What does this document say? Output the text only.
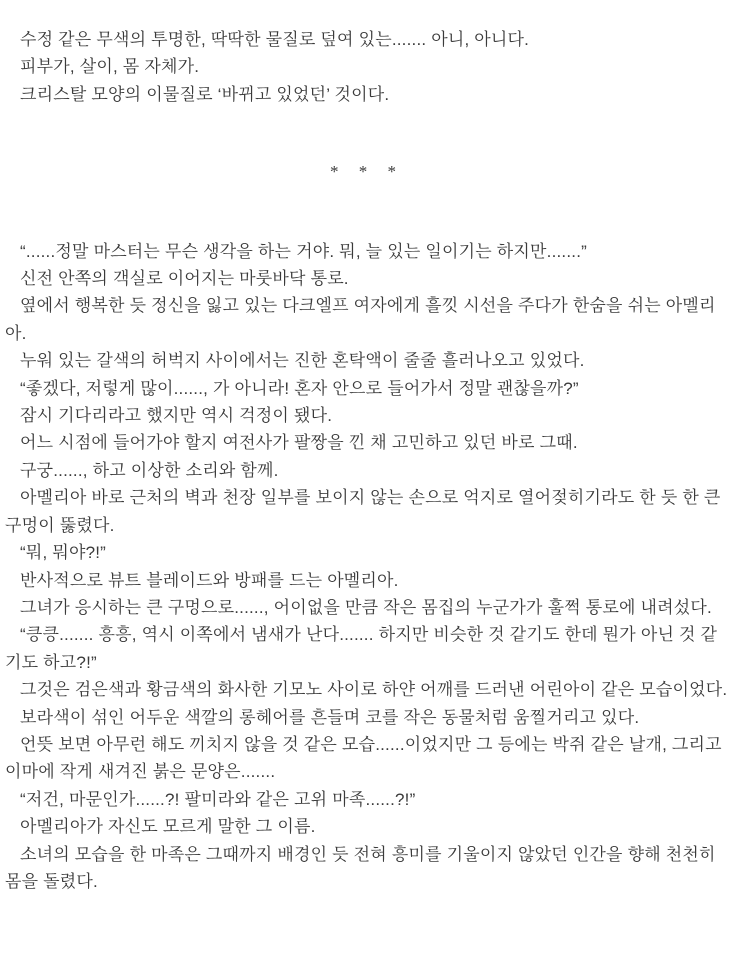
수정 같은 무색의 투명한, 딱딱한 물질로 덮여 있는....... 아니, 아니다.

피부가, 살이, 몸 자체가.

크리스탈 모양의 이물질로 ‘바뀌고 있었던’ 것이다.

* * *

“......정말 마스터는 무슨 생각을 하는 거야. 뭐, 늘 있는 일이기는 하지만.......”

신전 안쪽의 객실로 이어지는 마룻바닥 통로.

옆에서 행복한 듯 정신을 잃고 있는 다크엘프 여자에게 흘낏 시선을 주다가 한숨을 쉬는 아멜리아.

누워 있는 갈색의 허벅지 사이에서는 진한 혼탁액이 줄줄 흘러나오고 있었다.

“좋겠다, 저렇게 많이......, 가 아니라! 혼자 안으로 들어가서 정말 괜찮을까?”

잠시 기다리라고 했지만 역시 걱정이 됐다.

어느 시점에 들어가야 할지 여전사가 팔짱을 낀 채 고민하고 있던 바로 그때.

구궁......, 하고 이상한 소리와 함께.

아멜리아 바로 근처의 벽과 천장 일부를 보이지 않는 손으로 억지로 열어젖히기라도 한 듯 한 큰 구멍이 뚫렸다.

“뭐, 뭐야?!”

반사적으로 뷰트 블레이드와 방패를 드는 아멜리아.

그녀가 응시하는 큰 구멍으로......, 어이없을 만큼 작은 몸집의 누군가가 훌쩍 통로에 내려섰다.

“킁킁....... 흥흥, 역시 이쪽에서 냄새가 난다....... 하지만 비슷한 것 같기도 한데 뭔가 아닌 것 같기도 하고?!”

그것은 검은색과 황금색의 화사한 기모노 사이로 하얀 어깨를 드러낸 어린아이 같은 모습이었다.

보라색이 섞인 어두운 색깔의 롱헤어를 흔들며 코를 작은 동물처럼 움찔거리고 있다.

언뜻 보면 아무런 해도 끼치지 않을 것 같은 모습......이었지만 그 등에는 박쥐 같은 날개, 그리고 이마에 작게 새겨진 붉은 문양은.......

“저건, 마문인가......?! 팔미라와 같은 고위 마족......?!”

아멜리아가 자신도 모르게 말한 그 이름.

소녀의 모습을 한 마족은 그때까지 배경인 듯 전혀 흥미를 기울이지 않았던 인간을 향해 천천히 몸을 돌렸다.
